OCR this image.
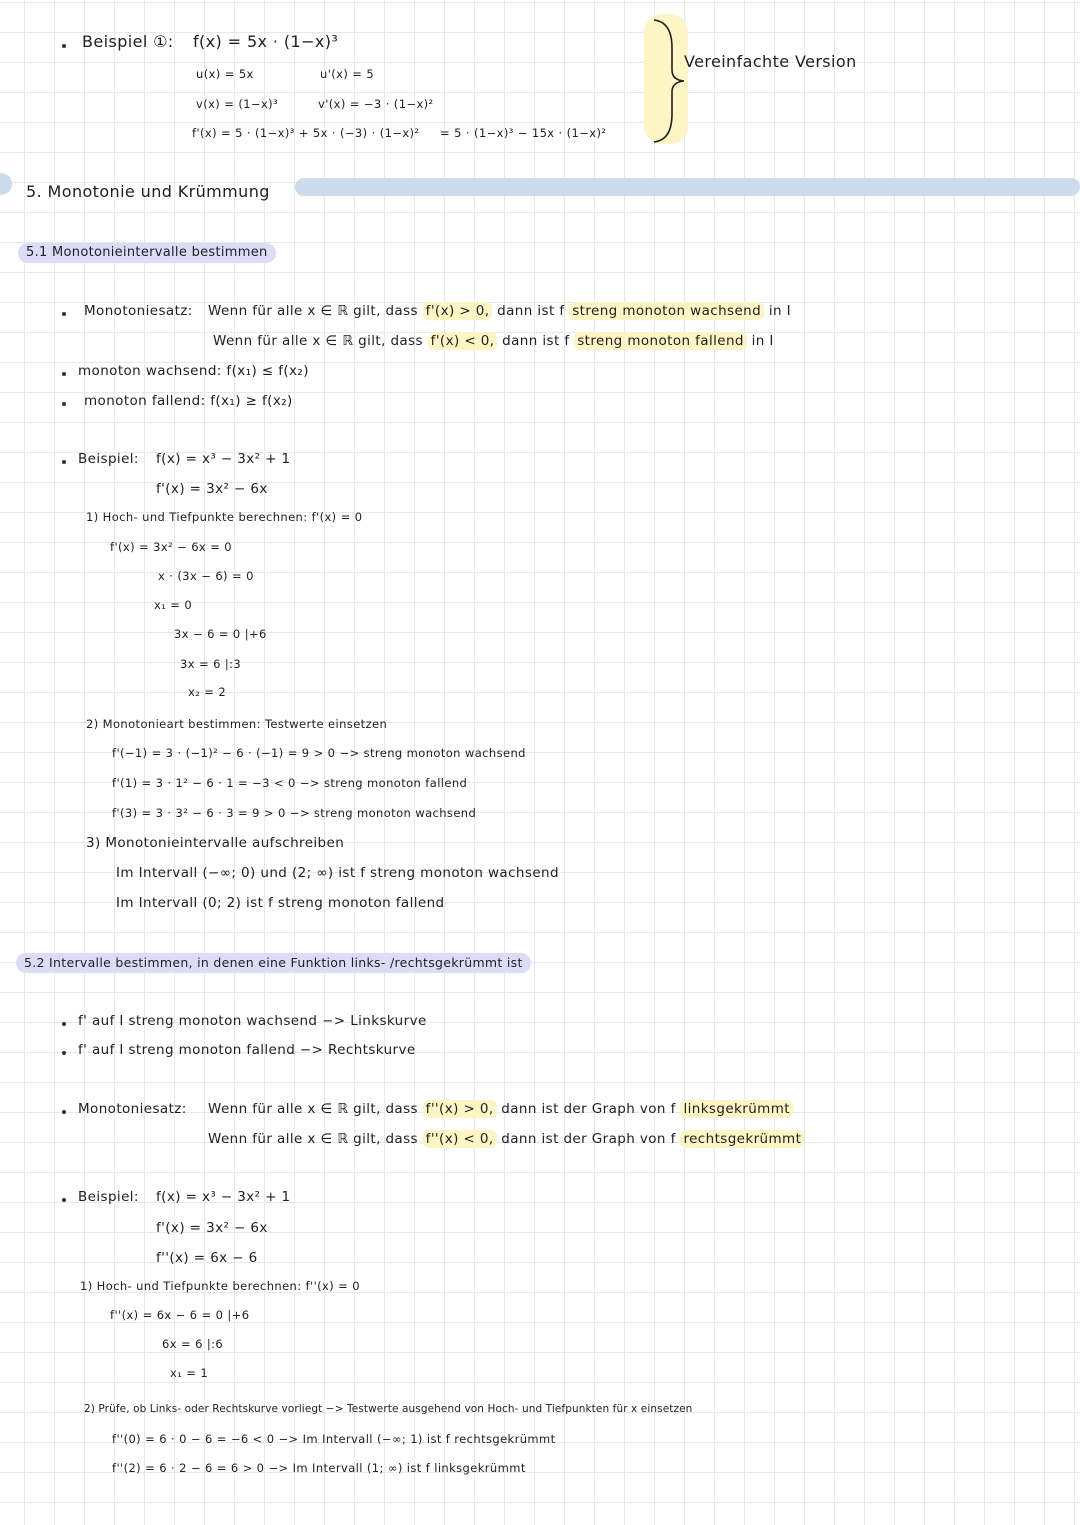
Vereinfachte Version
Beispiel ①: f(x) = 5x · (1−x)³
u(x) = 5x	u'(x) = 5
v(x) = (1−x)³	v'(x) = −3 · (1−x)²
f'(x) = 5 · (1−x)³ + 5x · (−3) · (1−x)² = 5 · (1−x)³ − 15x · (1−x)²
5. Monotonie und Krümmung
5.1 Monotonieintervalle bestimmen
Monotoniesatz: Wenn für alle x ∈ ℝ gilt, dass f'(x) > 0, dann ist f streng monoton wachsend in I
Wenn für alle x ∈ ℝ gilt, dass f'(x) < 0, dann ist f streng monoton fallend in I
monoton wachsend: f(x₁) ≤ f(x₂)
monoton fallend: f(x₁) ≥ f(x₂)
Beispiel: f(x) = x³ − 3x² + 1
f'(x) = 3x² − 6x
1) Hoch- und Tiefpunkte berechnen: f'(x) = 0
f'(x) = 3x² − 6x = 0
x · (3x − 6) = 0
x₁ = 0
3x − 6 = 0 |+6
3x = 6 |:3
x₂ = 2
2) Monotonieart bestimmen: Testwerte einsetzen
f'(−1) = 3 · (−1)² − 6 · (−1) = 9 > 0 −> streng monoton wachsend
f'(1) = 3 · 1² − 6 · 1 = −3 < 0 −> streng monoton fallend
f'(3) = 3 · 3² − 6 · 3 = 9 > 0 −> streng monoton wachsend
3) Monotonieintervalle aufschreiben
Im Intervall (−∞; 0) und (2; ∞) ist f streng monoton wachsend
Im Intervall (0; 2) ist f streng monoton fallend
5.2 Intervalle bestimmen, in denen eine Funktion links- /rechtsgekrümmt ist
f' auf I streng monoton wachsend −> Linkskurve
f' auf I streng monoton fallend −> Rechtskurve
Monotoniesatz: Wenn für alle x ∈ ℝ gilt, dass f''(x) > 0, dann ist der Graph von f linksgekrümmt
Wenn für alle x ∈ ℝ gilt, dass f''(x) < 0, dann ist der Graph von f rechtsgekrümmt
Beispiel: f(x) = x³ − 3x² + 1
f'(x) = 3x² − 6x
f''(x) = 6x − 6
1) Hoch- und Tiefpunkte berechnen: f''(x) = 0
f''(x) = 6x − 6 = 0 |+6
6x = 6 |:6
x₁ = 1
2) Prüfe, ob Links- oder Rechtskurve vorliegt −> Testwerte ausgehend von Hoch- und Tiefpunkten für x einsetzen
f''(0) = 6 · 0 − 6 = −6 < 0 −> Im Intervall (−∞; 1) ist f rechtsgekrümmt
f''(2) = 6 · 2 − 6 = 6 > 0 −> Im Intervall (1; ∞) ist f linksgekrümmt
